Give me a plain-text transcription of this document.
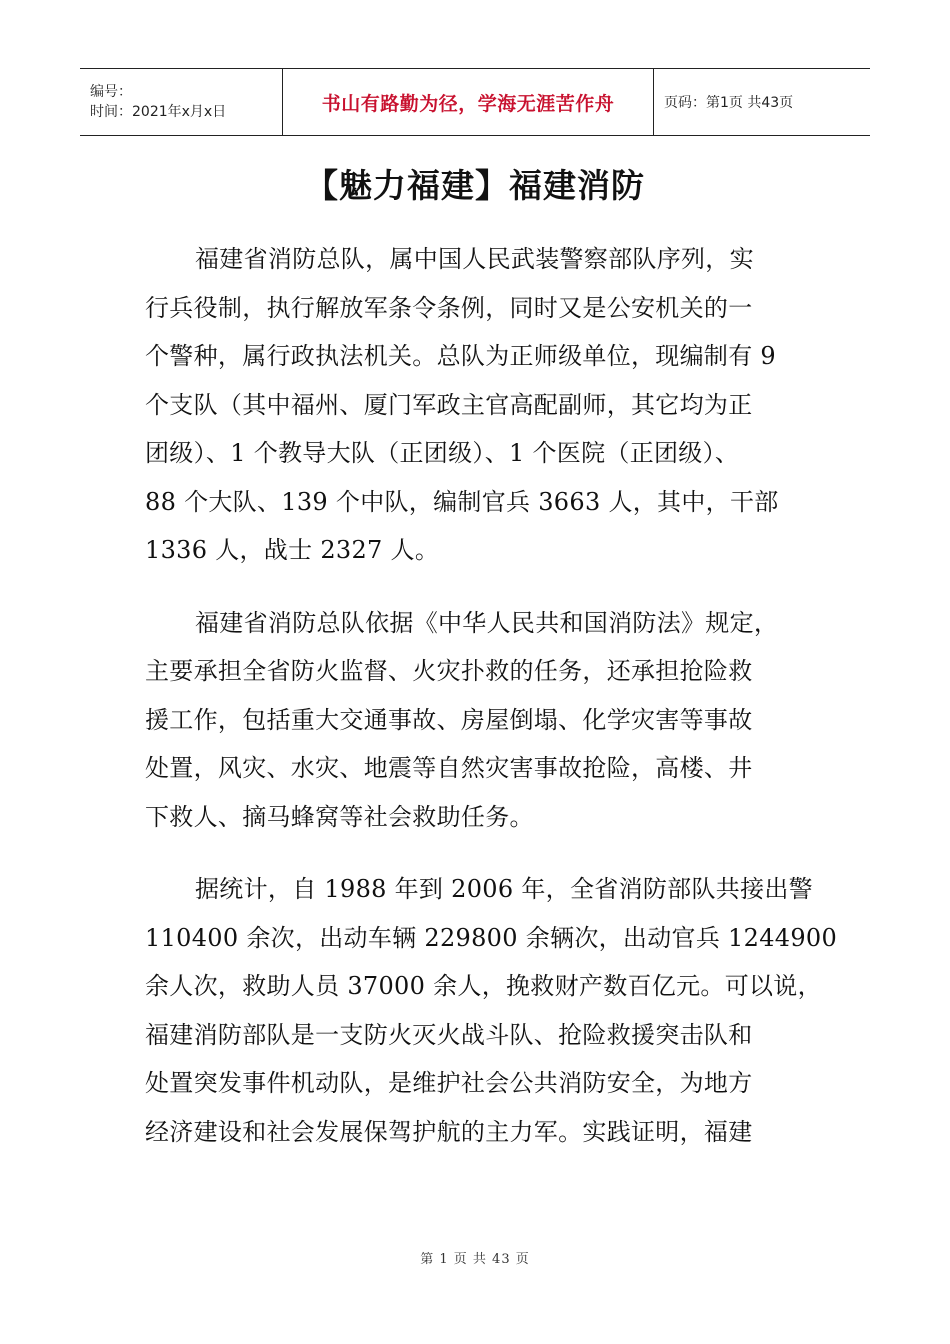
编号：
时间：2021年x月x日	书山有路勤为径，学海无涯苦作舟	页码：第1页 共43页
【魅力福建】福建消防
福建省消防总队，属中国人民武装警察部队序列，实
行兵役制，执行解放军条令条例，同时又是公安机关的一
个警种，属行政执法机关。总队为正师级单位，现编制有 9
个支队（其中福州、厦门军政主官高配副师，其它均为正
团级）、1 个教导大队（正团级）、1 个医院（正团级）、
88 个大队、139 个中队，编制官兵 3663 人，其中，干部
1336 人，战士 2327 人。
福建省消防总队依据《中华人民共和国消防法》规定，
主要承担全省防火监督、火灾扑救的任务，还承担抢险救
援工作，包括重大交通事故、房屋倒塌、化学灾害等事故
处置，风灾、水灾、地震等自然灾害事故抢险，高楼、井
下救人、摘马蜂窝等社会救助任务。
据统计，自 1988 年到 2006 年，全省消防部队共接出警
110400 余次，出动车辆 229800 余辆次，出动官兵 1244900
余人次，救助人员 37000 余人，挽救财产数百亿元。可以说，
福建消防部队是一支防火灭火战斗队、抢险救援突击队和
处置突发事件机动队，是维护社会公共消防安全，为地方
经济建设和社会发展保驾护航的主力军。实践证明，福建
第 1 页 共 43 页
